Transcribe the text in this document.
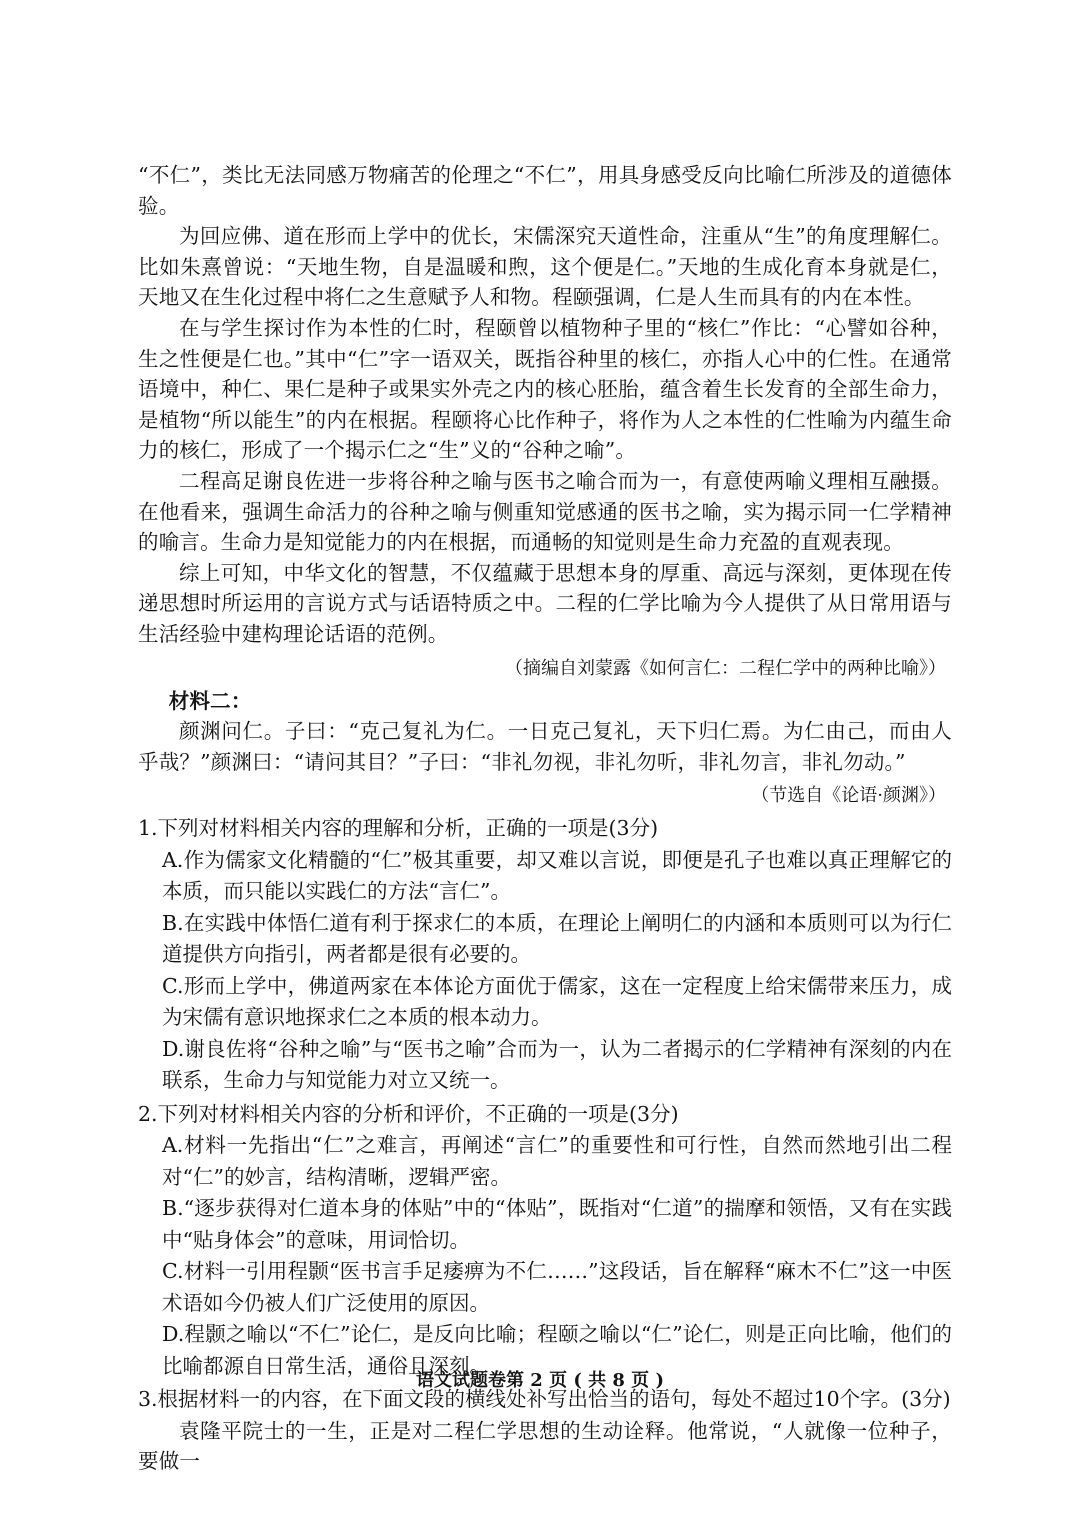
“不仁”，类比无法同感万物痛苦的伦理之“不仁”，用具身感受反向比喻仁所涉及的道德体验。

为回应佛、道在形而上学中的优长，宋儒深究天道性命，注重从“生”的角度理解仁。比如朱熹曾说：“天地生物，自是温暖和煦，这个便是仁。”天地的生成化育本身就是仁，天地又在生化过程中将仁之生意赋予人和物。程颐强调，仁是人生而具有的内在本性。

在与学生探讨作为本性的仁时，程颐曾以植物种子里的“核仁”作比：“心譬如谷种，生之性便是仁也。”其中“仁”字一语双关，既指谷种里的核仁，亦指人心中的仁性。在通常语境中，种仁、果仁是种子或果实外壳之内的核心胚胎，蕴含着生长发育的全部生命力，是植物“所以能生”的内在根据。程颐将心比作种子，将作为人之本性的仁性喻为内蕴生命力的核仁，形成了一个揭示仁之“生”义的“谷种之喻”。

二程高足谢良佐进一步将谷种之喻与医书之喻合而为一，有意使两喻义理相互融摄。在他看来，强调生命活力的谷种之喻与侧重知觉感通的医书之喻，实为揭示同一仁学精神的喻言。生命力是知觉能力的内在根据，而通畅的知觉则是生命力充盈的直观表现。

综上可知，中华文化的智慧，不仅蕴藏于思想本身的厚重、高远与深刻，更体现在传递思想时所运用的言说方式与话语特质之中。二程的仁学比喻为今人提供了从日常用语与生活经验中建构理论话语的范例。

（摘编自刘蒙露《如何言仁：二程仁学中的两种比喻》）

材料二：

颜渊问仁。子曰：“克己复礼为仁。一日克己复礼，天下归仁焉。为仁由己，而由人乎哉？”颜渊曰：“请问其目？”子曰：“非礼勿视，非礼勿听，非礼勿言，非礼勿动。”

（节选自《论语·颜渊》）

1.下列对材料相关内容的理解和分析，正确的一项是(3分)

A.作为儒家文化精髓的“仁”极其重要，却又难以言说，即便是孔子也难以真正理解它的本质，而只能以实践仁的方法“言仁”。

B.在实践中体悟仁道有利于探求仁的本质，在理论上阐明仁的内涵和本质则可以为行仁道提供方向指引，两者都是很有必要的。

C.形而上学中，佛道两家在本体论方面优于儒家，这在一定程度上给宋儒带来压力，成为宋儒有意识地探求仁之本质的根本动力。

D.谢良佐将“谷种之喻”与“医书之喻”合而为一，认为二者揭示的仁学精神有深刻的内在联系，生命力与知觉能力对立又统一。

2.下列对材料相关内容的分析和评价，不正确的一项是(3分)

A.材料一先指出“仁”之难言，再阐述“言仁”的重要性和可行性，自然而然地引出二程对“仁”的妙言，结构清晰，逻辑严密。

B.“逐步获得对仁道本身的体贴”中的“体贴”，既指对“仁道”的揣摩和领悟，又有在实践中“贴身体会”的意味，用词恰切。

C.材料一引用程颢“医书言手足痿痹为不仁……”这段话，旨在解释“麻木不仁”这一中医术语如今仍被人们广泛使用的原因。

D.程颢之喻以“不仁”论仁，是反向比喻；程颐之喻以“仁”论仁，则是正向比喻，他们的比喻都源自日常生活，通俗且深刻。

3.根据材料一的内容，在下面文段的横线处补写出恰当的语句，每处不超过10个字。(3分)

袁隆平院士的一生，正是对二程仁学思想的生动诠释。他常说，“人就像一位种子，要做一

语文试题卷第 2 页 ( 共 8 页 )
